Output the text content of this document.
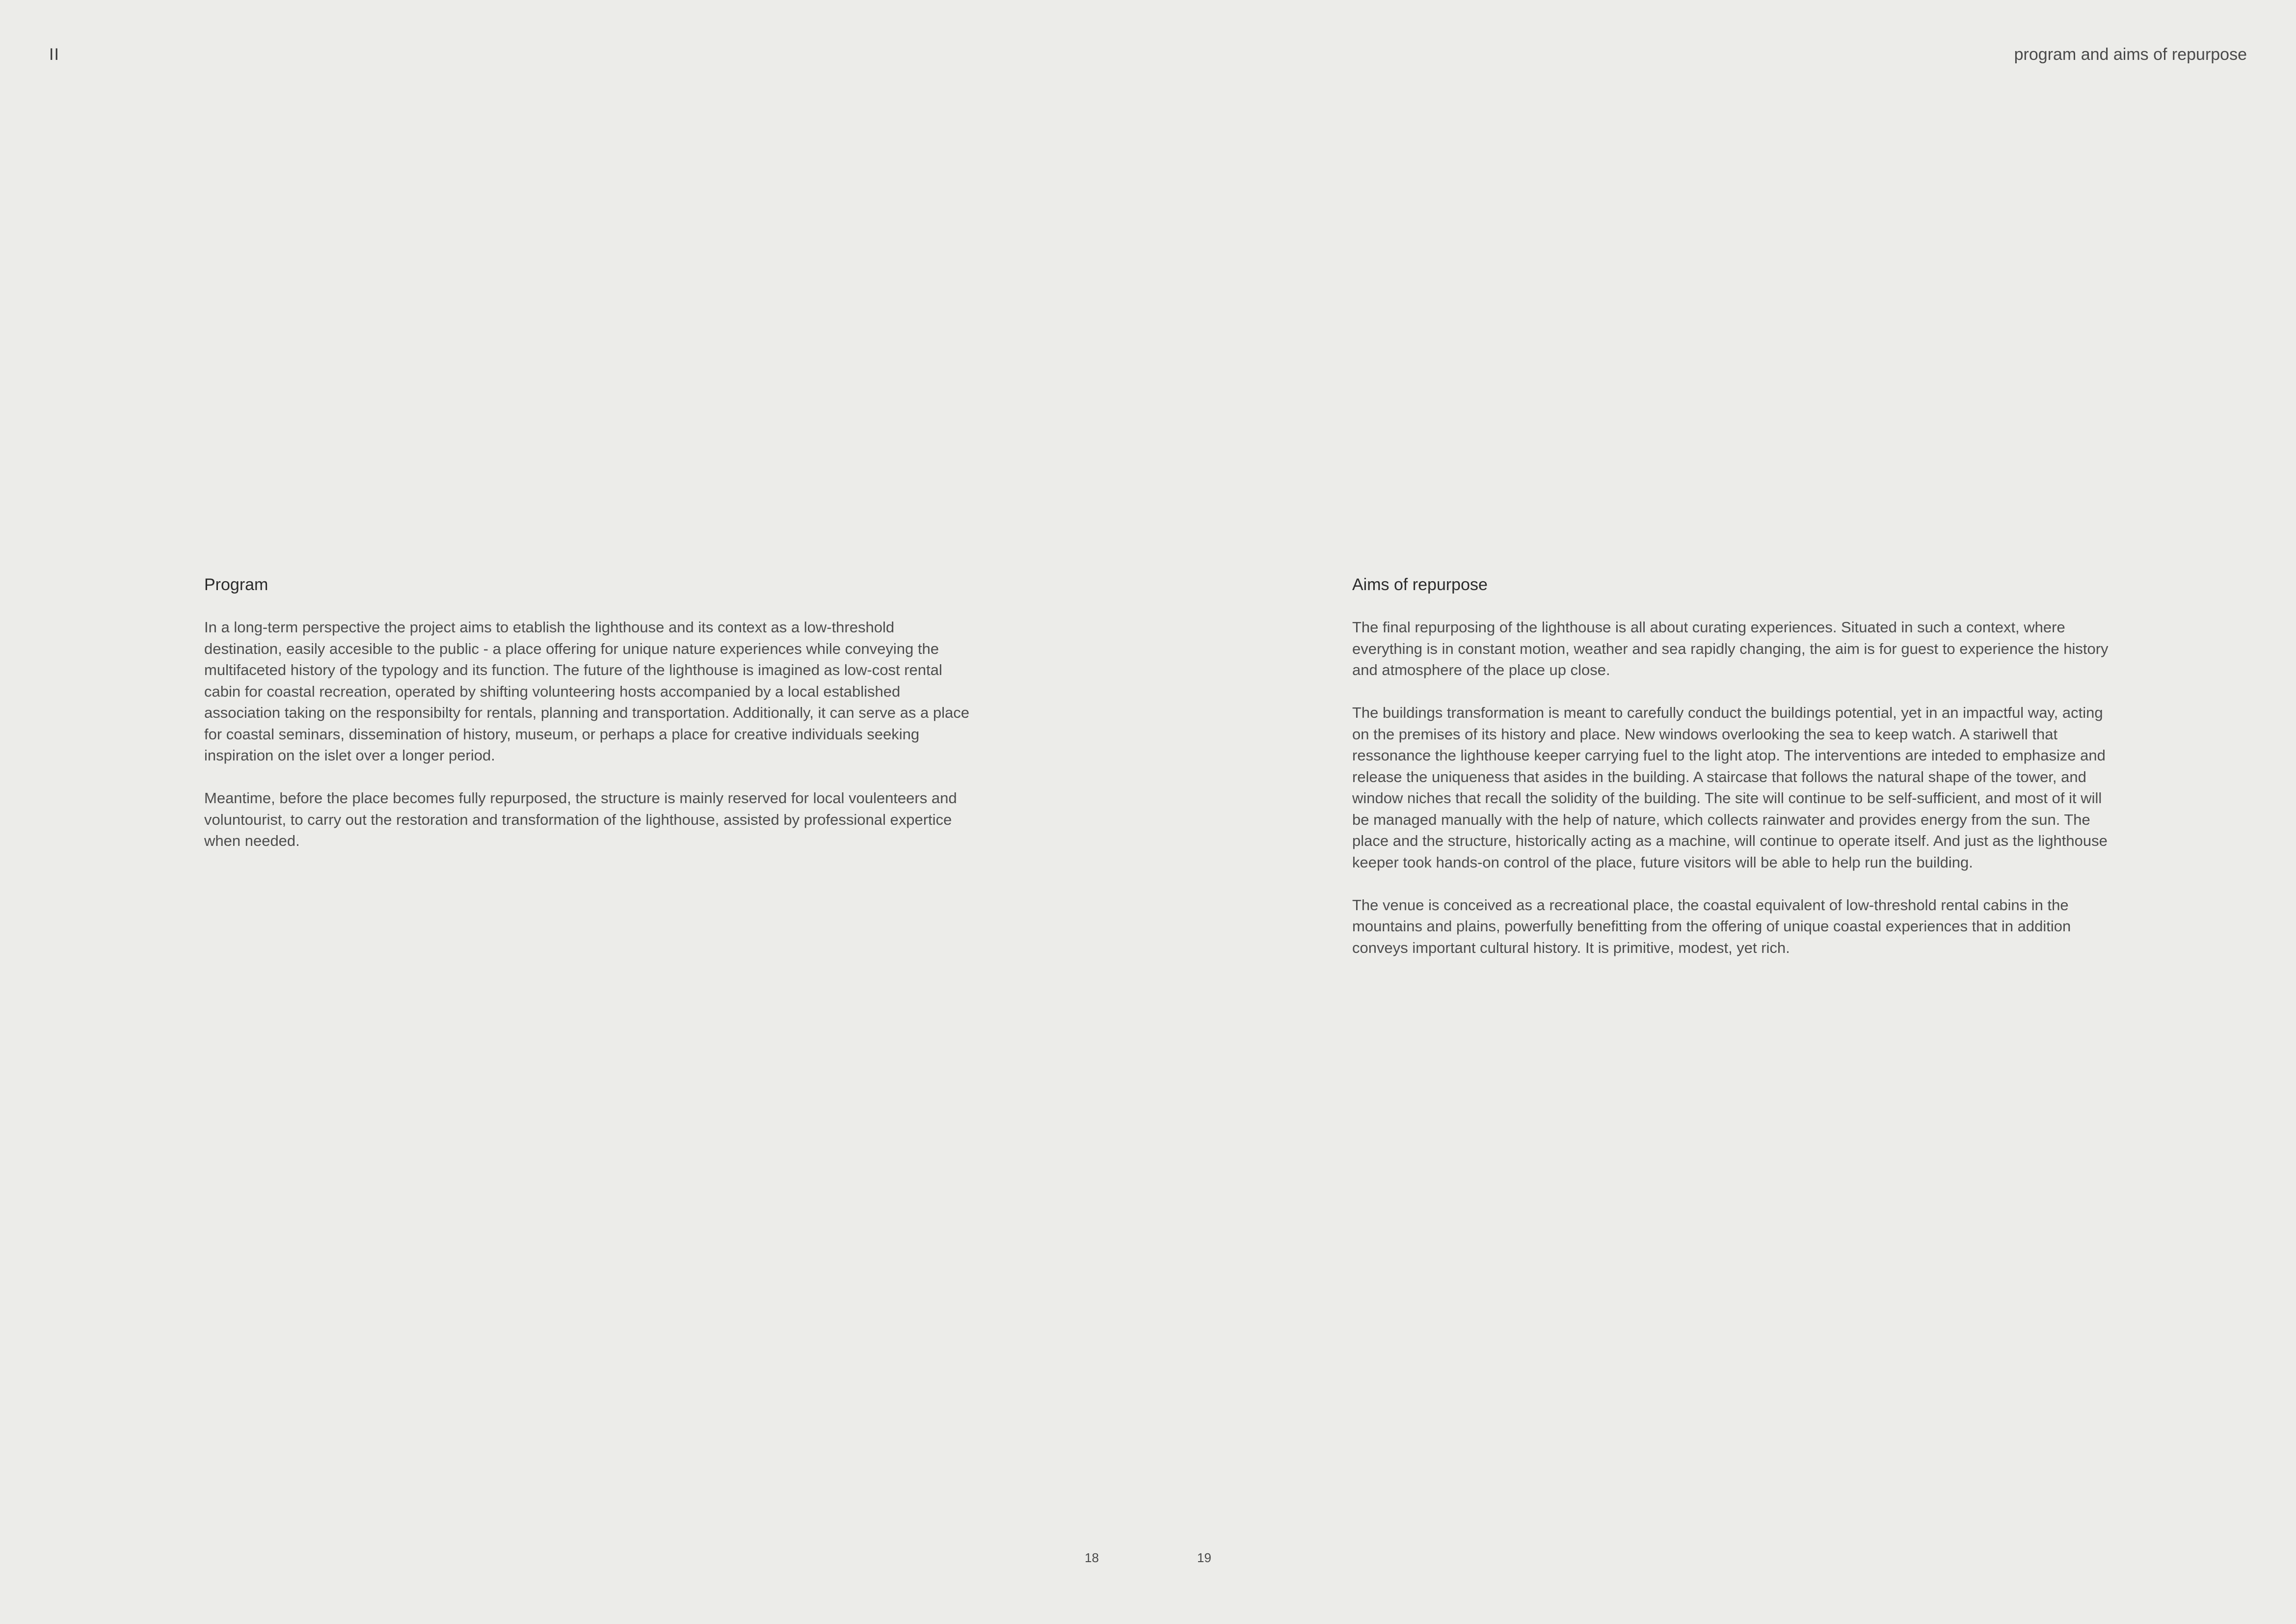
II	program and aims of repurpose

Program

In a long-term perspective the project aims to etablish the lighthouse and its context as a low-threshold destination, easily accesible to the public - a place offering for unique nature experiences while conveying the multifaceted history of the typology and its function. The future of the lighthouse is imagined as low-cost rental cabin for coastal recreation, operated by shifting volunteering hosts accompanied by a local established association taking on the responsibilty for rentals, planning and transportation. Additionally, it can serve as a place for coastal seminars, dissemination of history, museum, or perhaps a place for creative individuals seeking inspiration on the islet over a longer period.

Meantime, before the place becomes fully repurposed, the structure is mainly reserved for local voulenteers and voluntourist, to carry out the restoration and transformation of the lighthouse, assisted by professional expertice when needed.

Aims of repurpose

The final repurposing of the lighthouse is all about curating experiences. Situated in such a context, where everything is in constant motion, weather and sea rapidly changing, the aim is for guest to experience the history and atmosphere of the place up close.

The buildings transformation is meant to carefully conduct the buildings potential, yet in an impactful way, acting on the premises of its history and place. New windows overlooking the sea to keep watch. A stariwell that ressonance the lighthouse keeper carrying fuel to the light atop. The interventions are inteded to emphasize and release the uniqueness that asides in the building. A staircase that follows the natural shape of the tower, and window niches that recall the solidity of the building. The site will continue to be self-sufficient, and most of it will be managed manually with the help of nature, which collects rainwater and provides energy from the sun. The place and the structure, historically acting as a machine, will continue to operate itself. And just as the lighthouse keeper took hands-on control of the place, future visitors will be able to help run the building.

The venue is conceived as a recreational place, the coastal equivalent of low-threshold rental cabins in the mountains and plains, powerfully benefitting from the offering of unique coastal experiences that in addition conveys important cultural history. It is primitive, modest, yet rich.

18	19
